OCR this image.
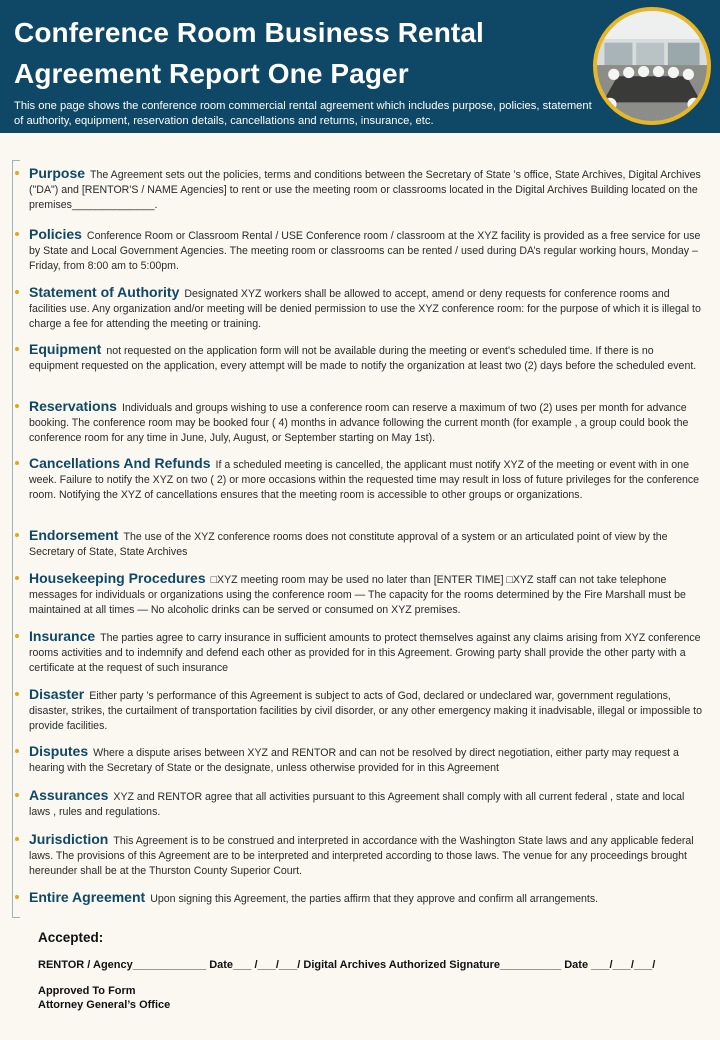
Conference Room Business Rental Agreement Report One Pager
This one page shows the conference room commercial rental agreement which includes purpose, policies, statement of authority, equipment, reservation details, cancellations and returns, insurance, etc.
Purpose The Agreement sets out the policies, terms and conditions between the Secretary of State ’s office, State Archives, Digital Archives ("DA") and [RENTOR'S / NAME Agencies] to rent or use the meeting room or classrooms located in the Digital Archives Building located on the premises______________.
Policies Conference Room or Classroom Rental / USE Conference room / classroom at the XYZ facility is provided as a free service for use by State and Local Government Agencies. The meeting room or classrooms can be rented / used during DA’s regular working hours, Monday – Friday, from 8:00 am to 5:00pm.
Statement of Authority Designated XYZ workers shall be allowed to accept, amend or deny requests for conference rooms and facilities use. Any organization and/or meeting will be denied permission to use the XYZ conference room: for the purpose of which it is illegal to charge a fee for attending the meeting or training.
Equipment not requested on the application form will not be available during the meeting or event's scheduled time. If there is no equipment requested on the application, every attempt will be made to notify the organization at least two (2) days before the scheduled event.
Reservations Individuals and groups wishing to use a conference room can reserve a maximum of two (2) uses per month for advance booking. The conference room may be booked four ( 4) months in advance following the current month (for example , a group could book the conference room for any time in June, July, August, or September starting on May 1st).
Cancellations And Refunds If a scheduled meeting is cancelled, the applicant must notify XYZ of the meeting or event with in one week. Failure to notify the XYZ on two ( 2) or more occasions within the requested time may result in loss of future privileges for the conference room. Notifying the XYZ of cancellations ensures that the meeting room is accessible to other groups or organizations.
Endorsement The use of the XYZ conference rooms does not constitute approval of a system or an articulated point of view by the Secretary of State, State Archives
Housekeeping Procedures □XYZ meeting room may be used no later than [ENTER TIME] □XYZ staff can not take telephone messages for individuals or organizations using the conference room — The capacity for the rooms determined by the Fire Marshall must be maintained at all times — No alcoholic drinks can be served or consumed on XYZ premises.
Insurance The parties agree to carry insurance in sufficient amounts to protect themselves against any claims arising from XYZ conference rooms activities and to indemnify and defend each other as provided for in this Agreement. Growing party shall provide the other party with a certificate at the request of such insurance
Disaster Either party ’s performance of this Agreement is subject to acts of God, declared or undeclared war, government regulations, disaster, strikes, the curtailment of transportation facilities by civil disorder, or any other emergency making it inadvisable, illegal or impossible to provide facilities.
Disputes Where a dispute arises between XYZ and RENTOR and can not be resolved by direct negotiation, either party may request a hearing with the Secretary of State or the designate, unless otherwise provided for in this Agreement
Assurances XYZ and RENTOR agree that all activities pursuant to this Agreement shall comply with all current federal , state and local laws , rules and regulations.
Jurisdiction This Agreement is to be construed and interpreted in accordance with the Washington State laws and any applicable federal laws. The provisions of this Agreement are to be interpreted and interpreted according to those laws. The venue for any proceedings brought hereunder shall be at the Thurston County Superior Court.
Entire Agreement Upon signing this Agreement, the parties affirm that they approve and confirm all arrangements.
Accepted:
RENTOR / Agency____________ Date___ /___/___/ Digital Archives Authorized Signature__________ Date ___/___/___/
Approved To Form
Attorney General’s Office
